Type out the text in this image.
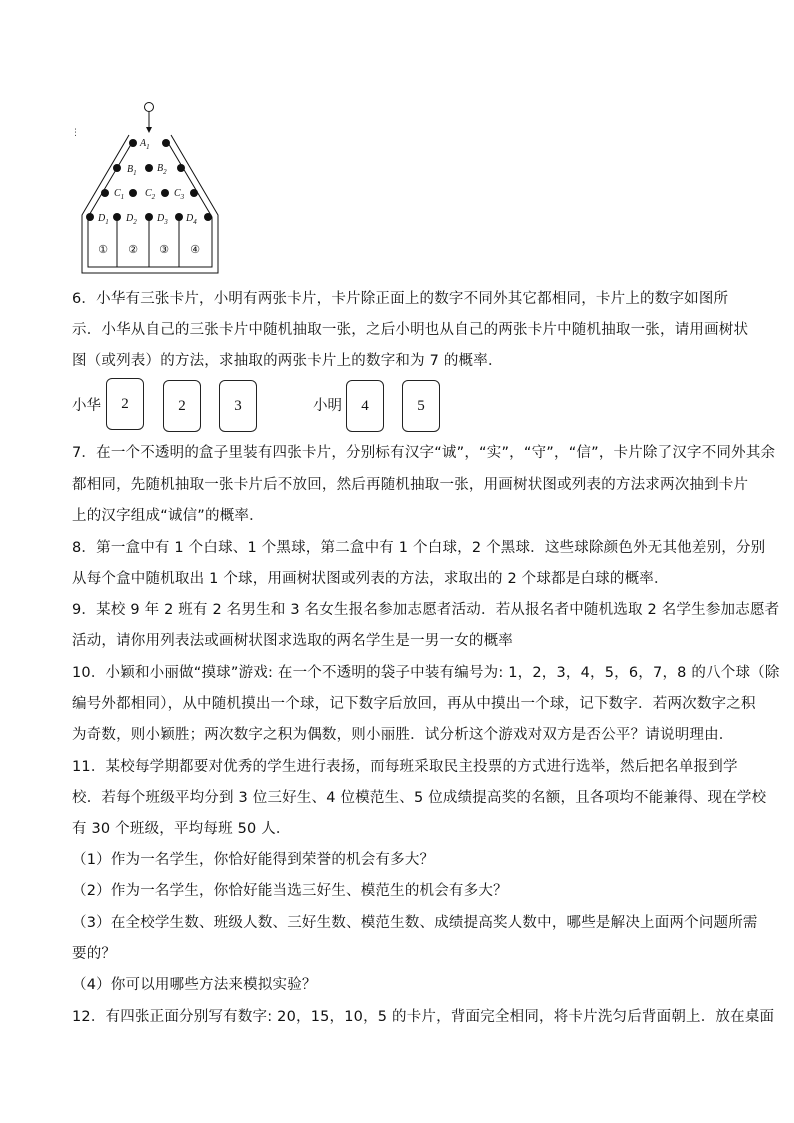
⋮
$A_1$
$B_1$ $B_2$
$C_1$ $C_2$ $C_3$
$D_1$ $D_2$ $D_3$ $D_4$
① ② ③ ④
6．小华有三张卡片，小明有两张卡片，卡片除正面上的数字不同外其它都相同，卡片上的数字如图所
示．小华从自己的三张卡片中随机抽取一张，之后小明也从自己的两张卡片中随机抽取一张，请用画树状
图（或列表）的方法，求抽取的两张卡片上的数字和为 7 的概率．
小华	2	2	3	小明	4	5
7．在一个不透明的盒子里装有四张卡片，分别标有汉字“诚”，“实”，“守”，“信”，卡片除了汉字不同外其余
都相同，先随机抽取一张卡片后不放回，然后再随机抽取一张，用画树状图或列表的方法求两次抽到卡片
上的汉字组成“诚信”的概率．
8．第一盒中有 1 个白球、1 个黑球，第二盒中有 1 个白球，2 个黑球．这些球除颜色外无其他差别，分别
从每个盒中随机取出 1 个球，用画树状图或列表的方法，求取出的 2 个球都是白球的概率．
9．某校 9 年 2 班有 2 名男生和 3 名女生报名参加志愿者活动．若从报名者中随机选取 2 名学生参加志愿者
活动，请你用列表法或画树状图求选取的两名学生是一男一女的概率
10．小颖和小丽做“摸球”游戏: 在一个不透明的袋子中装有编号为: 1，2，3，4，5，6，7，8 的八个球（除
编号外都相同），从中随机摸出一个球，记下数字后放回，再从中摸出一个球，记下数字．若两次数字之积
为奇数，则小颖胜；两次数字之积为偶数，则小丽胜．试分析这个游戏对双方是否公平？请说明理由．
11．某校每学期都要对优秀的学生进行表扬，而每班采取民主投票的方式进行选举，然后把名单报到学
校．若每个班级平均分到 3 位三好生、4 位模范生、5 位成绩提高奖的名额，且各项均不能兼得、现在学校
有 30 个班级，平均每班 50 人．
（1）作为一名学生，你恰好能得到荣誉的机会有多大？
（2）作为一名学生，你恰好能当选三好生、模范生的机会有多大？
（3）在全校学生数、班级人数、三好生数、模范生数、成绩提高奖人数中，哪些是解决上面两个问题所需
要的？
（4）你可以用哪些方法来模拟实验？
12．有四张正面分别写有数字: 20，15，10，5 的卡片，背面完全相同，将卡片洗匀后背面朝上．放在桌面
